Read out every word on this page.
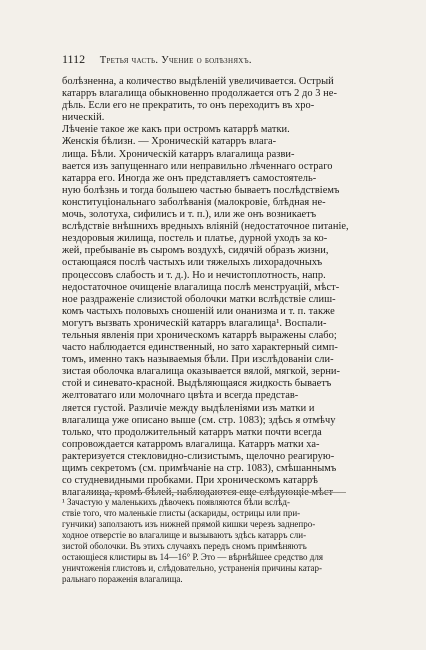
1112 Третья часть. Учение о болѣзняхъ.
болѣзненна, а количество выдѣленій увеличивается. Острый
катарръ влагалища обыкновенно продолжается отъ 2 до 3 не-
дѣль. Если его не прекратить, то онъ переходитъ въ хро-
ническій.
Лѣченіе такое же какъ при остромъ катаррѣ матки.
Женскія бѣлизн. — Хроническій катарръ влага-
лища. Бѣли. Хроническій катарръ влагалища разви-
вается изъ запущеннаго или неправильно лѣченнаго остраго
катарра его. Иногда же онъ представляетъ самостоятель-
ную болѣзнь и тогда большею частью бываетъ послѣдствіемъ
конституціональнаго заболѣванія (малокровіе, блѣдная не-
мочь, золотуха, сифилисъ и т. п.), или же онъ возникаетъ
вслѣдствіе внѣшнихъ вредныхъ вліяній (недостаточное питаніе,
нездоровыя жилища, постель и платье, дурной уходъ за ко-
жей, пребываніе въ сыромъ воздухѣ, сидячій образъ жизни,
остающаяся послѣ частыхъ или тяжелыхъ лихорадочныхъ
процессовъ слабость и т. д.). Но и нечистоплотность, напр.
недостаточное очищеніе влагалища послѣ менструацій, мѣст-
ное раздраженіе слизистой оболочки матки вслѣдствіе слиш-
комъ частыхъ половыхъ сношеній или онанизма и т. п. также
могутъ вызвать хроническій катарръ влагалища¹. Воспали-
тельныя явленія при хроническомъ катаррѣ выражены слабо;
часто наблюдается единственный, но зато характерный симп-
томъ, именно такъ называемыя бѣли. При изслѣдованіи сли-
зистая оболочка влагалища оказывается вялой, мягкой, зерни-
стой и синевато-красной. Выдѣляющаяся жидкость бываетъ
желтоватаго или молочнаго цвѣта и всегда представ-
ляется густой. Различіе между выдѣленіями изъ матки и
влагалища уже описано выше (см. стр. 1083); здѣсь я отмѣчу
только, что продолжительный катарръ матки почти всегда
сопровождается катарромъ влагалища. Катарръ матки ха-
рактеризуется стекловидно-слизистымъ, щелочно реагирую-
щимъ секретомъ (см. примѣчаніе на стр. 1083), смѣшаннымъ
со студневидными пробками. При хроническомъ катаррѣ
влагалища, кромѣ бѣлей, наблюдаются еще слѣдующіе мѣст-
¹ Зачастую у маленькихъ дѣвочекъ появляются бѣли вслѣд-
ствіе того, что маленькіе глисты (аскариды, острицы или при-
гунчики) заползаютъ изъ нижней прямой кишки черезъ заднепро-
ходное отверстіе во влагалище и вызываютъ здѣсь катарръ сли-
зистой оболочки. Въ этихъ случаяхъ передъ сномъ примѣняютъ
остающіеся клистиры въ 14—16° Р. Это — вѣрнѣйшее средство для
уничтоженія глистовъ и, слѣдовательно, устраненія причины катар-
ральнаго пораженія влагалища.
